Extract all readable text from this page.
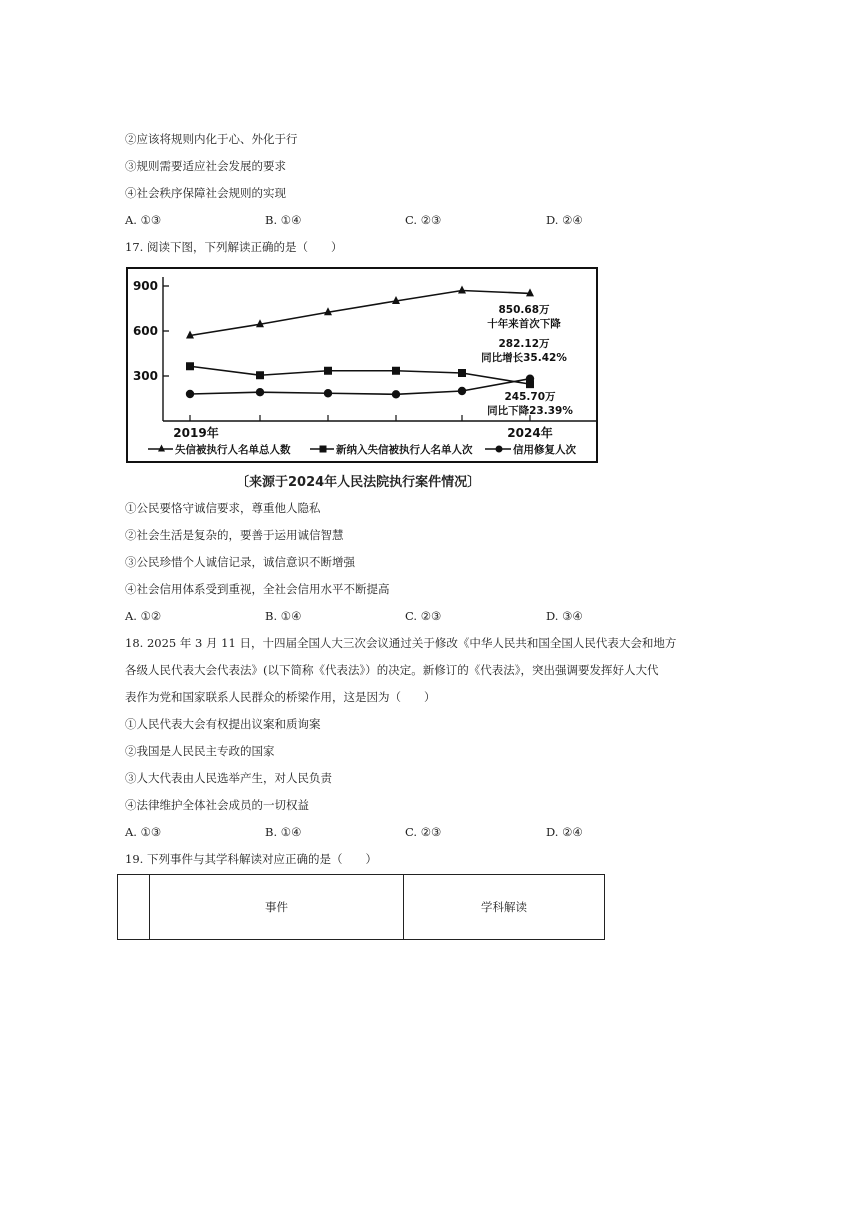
②应该将规则内化于心、外化于行
③规则需要适应社会发展的要求
④社会秩序保障社会规则的实现
A. ①③	B. ①④	C. ②③	D. ②④
17. 阅读下图，下列解读正确的是（　　）
300
600
900
2019年	2024年
850.68万
十年来首次下降
282.12万
同比增长35.42%
245.70万
同比下降23.39%
失信被执行人名单总人数	新纳入失信被执行人名单人次	信用修复人次
〔来源于2024年人民法院执行案件情况〕
①公民要恪守诚信要求，尊重他人隐私
②社会生活是复杂的，要善于运用诚信智慧
③公民珍惜个人诚信记录，诚信意识不断增强
④社会信用体系受到重视，全社会信用水平不断提高
A. ①②	B. ①④	C. ②③	D. ③④
18. 2025 年 3 月 11 日，十四届全国人大三次会议通过关于修改《中华人民共和国全国人民代表大会和地方
各级人民代表大会代表法》(以下简称《代表法》）的决定。新修订的《代表法》，突出强调要发挥好人大代
表作为党和国家联系人民群众的桥梁作用，这是因为（　　）
①人民代表大会有权提出议案和质询案
②我国是人民民主专政的国家
③人大代表由人民选举产生，对人民负责
④法律维护全体社会成员的一切权益
A. ①③	B. ①④	C. ②③	D. ②④
19. 下列事件与其学科解读对应正确的是（　　）
	事件	学科解读
